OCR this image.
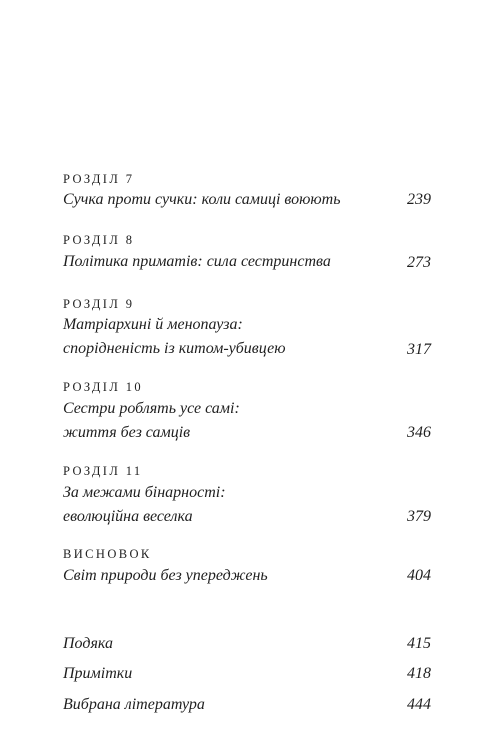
РОЗДІЛ 7
Сучка проти сучки: коли самиці воюють	239
РОЗДІЛ 8
Політика приматів: сила сестринства	273
РОЗДІЛ 9
Матріархині й менопауза:
спорідненість із китом-убивцею	317
РОЗДІЛ 10
Сестри роблять усе самі:
життя без самців	346
РОЗДІЛ 11
За межами бінарності:
еволюційна веселка	379
ВИСНОВОК
Світ природи без упереджень	404
Подяка	415
Примітки	418
Вибрана література	444
